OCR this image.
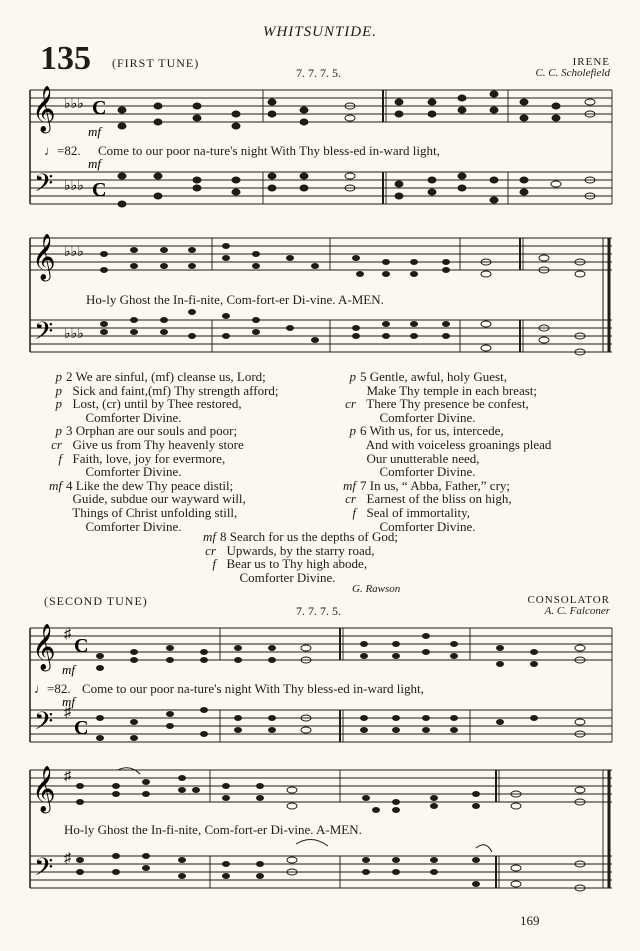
WHITSUNTIDE.
135 (FIRST TUNE)
7. 7. 7. 5.
IRENE
C. C. Scholefield
𝄞
𝄢
♭♭♭
♭♭♭
C
C
mf
mf
♩=82. Come to our poor na-ture's night With Thy bless-ed in-ward light,
𝄞
𝄢
♭♭♭
♭♭♭
Ho-ly Ghost the In-fi-nite, Com-fort-er Di-vine. A-MEN.
p 2 We are sinful, (mf) cleanse us, Lord;
p  Sick and faint,(mf) Thy strength afford;
p  Lost, (cr) until by Thee restored,
Comforter Divine.
p 3 Orphan are our souls and poor;
cr  Give us from Thy heavenly store
f  Faith, love, joy for evermore,
Comforter Divine.
mf 4 Like the dew Thy peace distil;
Guide, subdue our wayward will,
Things of Christ unfolding still,
Comforter Divine.
p 5 Gentle, awful, holy Guest,
Make Thy temple in each breast;
cr  There Thy presence be confest,
Comforter Divine.
p 6 With us, for us, intercede,
And with voiceless groanings plead
Our unutterable need,
Comforter Divine.
mf 7 In us, “ Abba, Father,” cry;
cr  Earnest of the bliss on high,
f  Seal of immortality,
Comforter Divine.
mf 8 Search for us the depths of God;
cr  Upwards, by the starry road,
f  Bear us to Thy high abode,
Comforter Divine.
G. Rawson
(SECOND TUNE)
7. 7. 7. 5.
CONSOLATOR
A. C. Falconer
𝄞
𝄢
♯
♯
C
C
mf
mf
♩=82. Come to our poor na-ture's night With Thy bless-ed in-ward light,
𝄞
𝄢
♯
♯
Ho-ly Ghost the In-fi-nite, Com-fort-er Di-vine. A-MEN.
169
